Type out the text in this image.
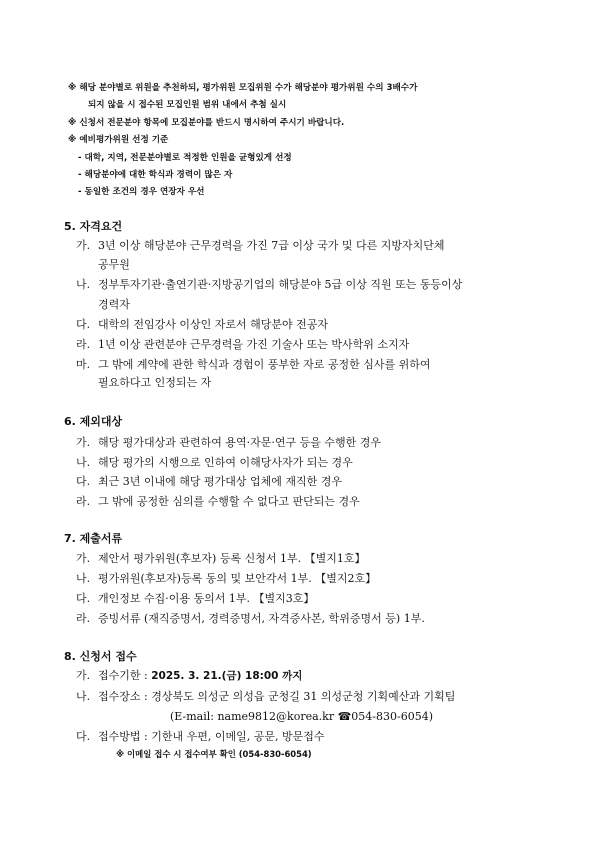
※ 해당 분야별로 위원을 추천하되, 평가위원 모집위원 수가 해당분야 평가위원 수의 3배수가
되지 않을 시 접수된 모집인원 범위 내에서 추첨 실시
※ 신청서 전문분야 항목에 모집분야를 반드시 명시하여 주시기 바랍니다.
※ 예비평가위원 선정 기준
- 대학, 지역, 전문분야별로 적정한 인원을 균형있게 선정
- 해당분야에 대한 학식과 경력이 많은 자
- 동일한 조건의 경우 연장자 우선
5. 자격요건
가. 3년 이상 해당분야 근무경력을 가진 7급 이상 국가 및 다른 지방자치단체
공무원
나. 정부투자기관·출연기관·지방공기업의 해당분야 5급 이상 직원 또는 동등이상
경력자
다. 대학의 전임강사 이상인 자로서 해당분야 전공자
라. 1년 이상 관련분야 근무경력을 가진 기술사 또는 박사학위 소지자
마. 그 밖에 계약에 관한 학식과 경험이 풍부한 자로 공정한 심사를 위하여
필요하다고 인정되는 자
6. 제외대상
가. 해당 평가대상과 관련하여 용역·자문·연구 등을 수행한 경우
나. 해당 평가의 시행으로 인하여 이해당사자가 되는 경우
다. 최근 3년 이내에 해당 평가대상 업체에 재직한 경우
라. 그 밖에 공정한 심의를 수행할 수 없다고 판단되는 경우
7. 제출서류
가. 제안서 평가위원(후보자) 등록 신청서 1부. 【별지1호】
나. 평가위원(후보자)등록 동의 및 보안각서 1부. 【별지2호】
다. 개인정보 수집·이용 동의서 1부. 【별지3호】
라. 증빙서류 (재직증명서, 경력증명서, 자격증사본, 학위증명서 등) 1부.
8. 신청서 접수
가. 접수기한 : 2025. 3. 21.(금) 18:00 까지
나. 접수장소 : 경상북도 의성군 의성읍 군청길 31 의성군청 기획예산과 기획팀
(E-mail: name9812@korea.kr ☎054-830-6054)
다. 접수방법 : 기한내 우편, 이메일, 공문, 방문접수
※ 이메일 접수 시 접수여부 확인 (054-830-6054)
